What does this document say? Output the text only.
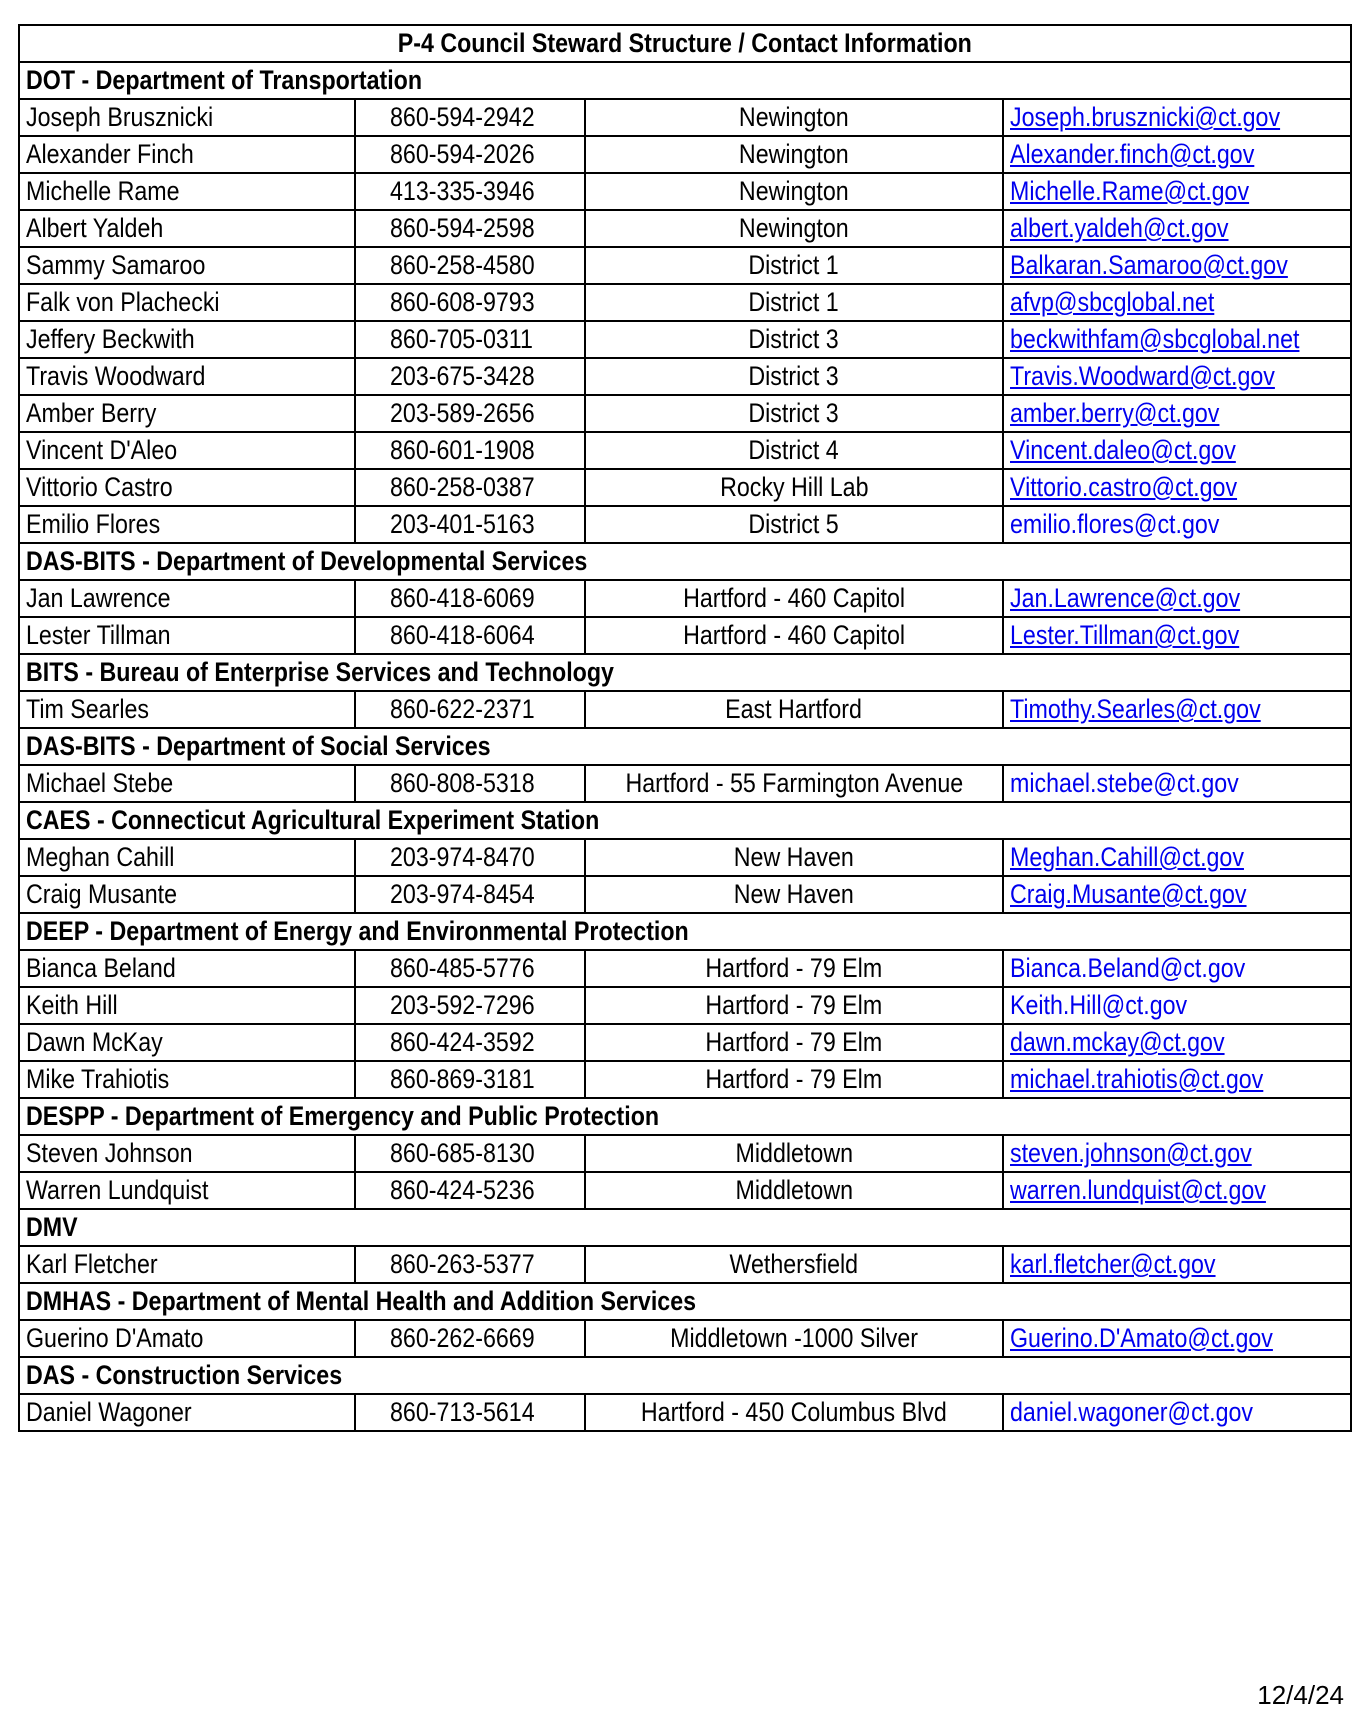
P-4 Council Steward Structure / Contact Information			
DOT - Department of Transportation			
Joseph Brusznicki	860-594-2942	Newington	Joseph.brusznicki@ct.gov
Alexander Finch	860-594-2026	Newington	Alexander.finch@ct.gov
Michelle Rame	413-335-3946	Newington	Michelle.Rame@ct.gov
Albert Yaldeh	860-594-2598	Newington	albert.yaldeh@ct.gov
Sammy Samaroo	860-258-4580	District 1	Balkaran.Samaroo@ct.gov
Falk von Plachecki	860-608-9793	District 1	afvp@sbcglobal.net
Jeffery Beckwith	860-705-0311	District 3	beckwithfam@sbcglobal.net
Travis Woodward	203-675-3428	District 3	Travis.Woodward@ct.gov
Amber Berry	203-589-2656	District 3	amber.berry@ct.gov
Vincent D'Aleo	860-601-1908	District 4	Vincent.daleo@ct.gov
Vittorio Castro	860-258-0387	Rocky Hill Lab	Vittorio.castro@ct.gov
Emilio Flores	203-401-5163	District 5	emilio.flores@ct.gov
DAS-BITS - Department of Developmental Services			
Jan Lawrence	860-418-6069	Hartford - 460 Capitol	Jan.Lawrence@ct.gov
Lester Tillman	860-418-6064	Hartford - 460 Capitol	Lester.Tillman@ct.gov
BITS - Bureau of Enterprise Services and Technology			
Tim Searles	860-622-2371	East Hartford	Timothy.Searles@ct.gov
DAS-BITS - Department of Social Services			
Michael Stebe	860-808-5318	Hartford - 55 Farmington Avenue	michael.stebe@ct.gov
CAES - Connecticut Agricultural Experiment Station			
Meghan Cahill	203-974-8470	New Haven	Meghan.Cahill@ct.gov
Craig Musante	203-974-8454	New Haven	Craig.Musante@ct.gov
DEEP - Department of Energy and Environmental Protection			
Bianca Beland	860-485-5776	Hartford - 79 Elm	Bianca.Beland@ct.gov
Keith Hill	203-592-7296	Hartford - 79 Elm	Keith.Hill@ct.gov
Dawn McKay	860-424-3592	Hartford - 79 Elm	dawn.mckay@ct.gov
Mike Trahiotis	860-869-3181	Hartford - 79 Elm	michael.trahiotis@ct.gov
DESPP - Department of Emergency and Public Protection			
Steven Johnson	860-685-8130	Middletown	steven.johnson@ct.gov
Warren Lundquist	860-424-5236	Middletown	warren.lundquist@ct.gov
DMV			
Karl Fletcher	860-263-5377	Wethersfield	karl.fletcher@ct.gov
DMHAS - Department of Mental Health and Addition Services			
Guerino D'Amato	860-262-6669	Middletown -1000 Silver	Guerino.D'Amato@ct.gov
DAS - Construction Services			
Daniel Wagoner	860-713-5614	Hartford - 450 Columbus Blvd	daniel.wagoner@ct.gov
12/4/24
